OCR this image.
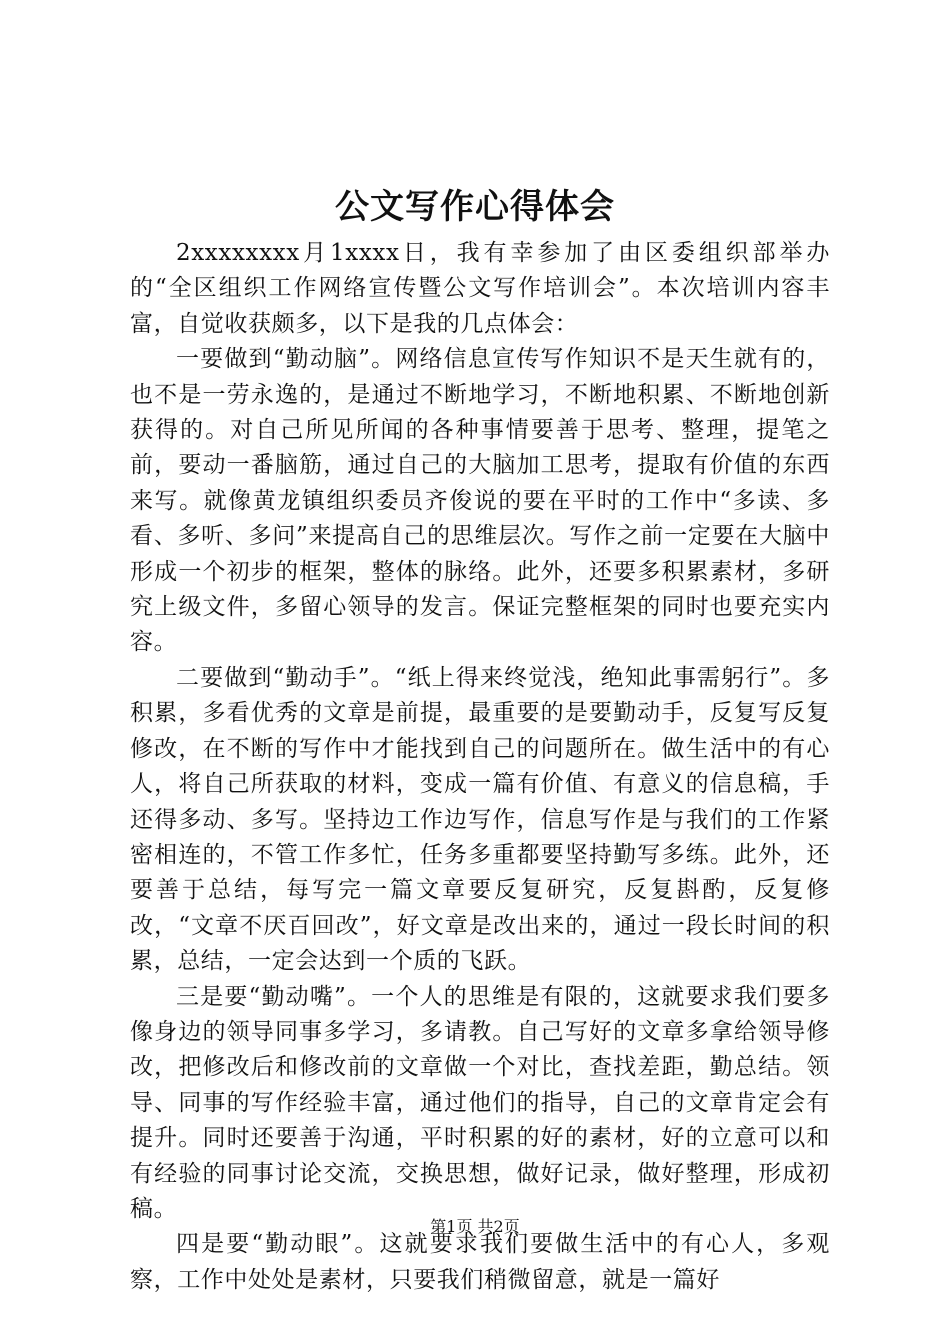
公文写作心得体会

2xxxxxxxx月1xxxx日，我有幸参加了由区委组织部举办的“全区组织工作网络宣传暨公文写作培训会”。本次培训内容丰富，自觉收获颇多，以下是我的几点体会：

一要做到“勤动脑”。网络信息宣传写作知识不是天生就有的，也不是一劳永逸的，是通过不断地学习，不断地积累、不断地创新获得的。对自己所见所闻的各种事情要善于思考、整理，提笔之前，要动一番脑筋，通过自己的大脑加工思考，提取有价值的东西来写。就像黄龙镇组织委员齐俊说的要在平时的工作中“多读、多看、多听、多问”来提高自己的思维层次。写作之前一定要在大脑中形成一个初步的框架，整体的脉络。此外，还要多积累素材，多研究上级文件，多留心领导的发言。保证完整框架的同时也要充实内容。

二要做到“勤动手”。“纸上得来终觉浅，绝知此事需躬行”。多积累，多看优秀的文章是前提，最重要的是要勤动手，反复写反复修改，在不断的写作中才能找到自己的问题所在。做生活中的有心人，将自己所获取的材料，变成一篇有价值、有意义的信息稿，手还得多动、多写。坚持边工作边写作，信息写作是与我们的工作紧密相连的，不管工作多忙，任务多重都要坚持勤写多练。此外，还要善于总结，每写完一篇文章要反复研究，反复斟酌，反复修改，“文章不厌百回改”，好文章是改出来的，通过一段长时间的积累，总结，一定会达到一个质的飞跃。

三是要“勤动嘴”。一个人的思维是有限的，这就要求我们要多像身边的领导同事多学习，多请教。自己写好的文章多拿给领导修改，把修改后和修改前的文章做一个对比，查找差距，勤总结。领导、同事的写作经验丰富，通过他们的指导，自己的文章肯定会有提升。同时还要善于沟通，平时积累的好的素材，好的立意可以和有经验的同事讨论交流，交换思想，做好记录，做好整理，形成初稿。

四是要“勤动眼”。这就要求我们要做生活中的有心人，多观察，工作中处处是素材，只要我们稍微留意，就是一篇好

第1页 共2页
